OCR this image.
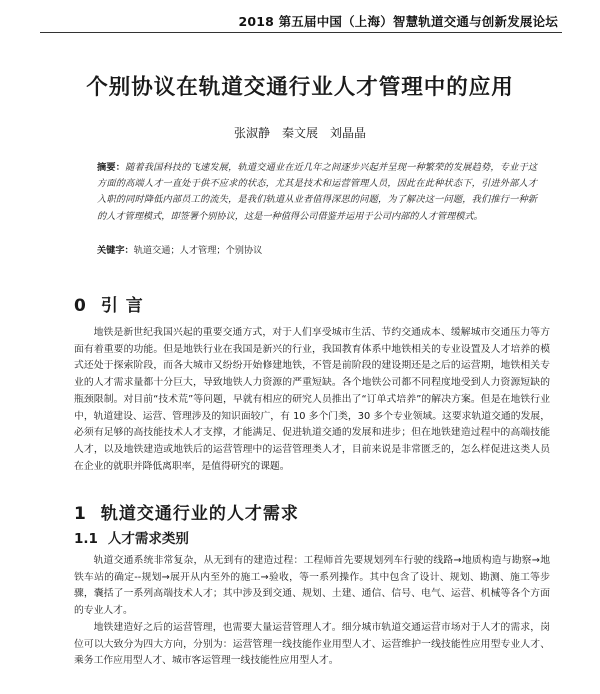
2018 第五届中国（上海）智慧轨道交通与创新发展论坛
个别协议在轨道交通行业人才管理中的应用
张淑静　秦文展　刘晶晶
摘要：随着我国科技的飞速发展，轨道交通业在近几年之间逐步兴起并呈现一种繁荣的发展趋势，专业于这方面的高端人才一直处于供不应求的状态，尤其是技术和运营管理人员，因此在此种状态下，引进外部人才入职的同时降低内部员工的流失，是我们轨道从业者值得深思的问题，为了解决这一问题，我们推行一种新的人才管理模式，即签署个别协议，这是一种值得公司借鉴并运用于公司内部的人才管理模式。
关键字：轨道交通；人才管理；个别协议
0 引 言

地铁是新世纪我国兴起的重要交通方式，对于人们享受城市生活、节约交通成本、缓解城市交通压力等方面有着重要的功能。但是地铁行业在我国是新兴的行业，我国教育体系中地铁相关的专业设置及人才培养的模式还处于探索阶段，而各大城市又纷纷开始修建地铁，不管是前阶段的建设期还是之后的运营期，地铁相关专业的人才需求量都十分巨大，导致地铁人力资源的严重短缺。各个地铁公司都不同程度地受到人力资源短缺的瓶颈限制。对目前“技术荒”等问题，早就有相应的研究人员推出了“订单式培养”的解决方案。但是在地铁行业中，轨道建设、运营、管理涉及的知识面较广，有 10 多个门类，30 多个专业领域。这要求轨道交通的发展，必须有足够的高技能技术人才支撑，才能满足、促进轨道交通的发展和进步；但在地铁建造过程中的高端技能人才，以及地铁建造或地铁后的运营管理中的运营管理类人才，目前来说是非常匮乏的，怎么样促进这类人员在企业的就职并降低离职率，是值得研究的课题。

1 轨道交通行业的人才需求
1.1 人才需求类别

轨道交通系统非常复杂，从无到有的建造过程：工程师首先要规划列车行驶的线路→地质构造与勘察→地铁车站的确定--规划→展开从内至外的施工→验收，等一系列操作。其中包含了设计、规划、勘测、施工等步骤，囊括了一系列高端技术人才；其中涉及到交通、规划、土建、通信、信号、电气、运营、机械等各个方面的专业人才。

地铁建造好之后的运营管理，也需要大量运营管理人才。细分城市轨道交通运营市场对于人才的需求，岗位可以大致分为四大方向，分别为：运营管理一线技能作业用型人才、运营维护一线技能性应用型专业人才、乘务工作应用型人才、城市客运管理一线技能性应用型人才。
